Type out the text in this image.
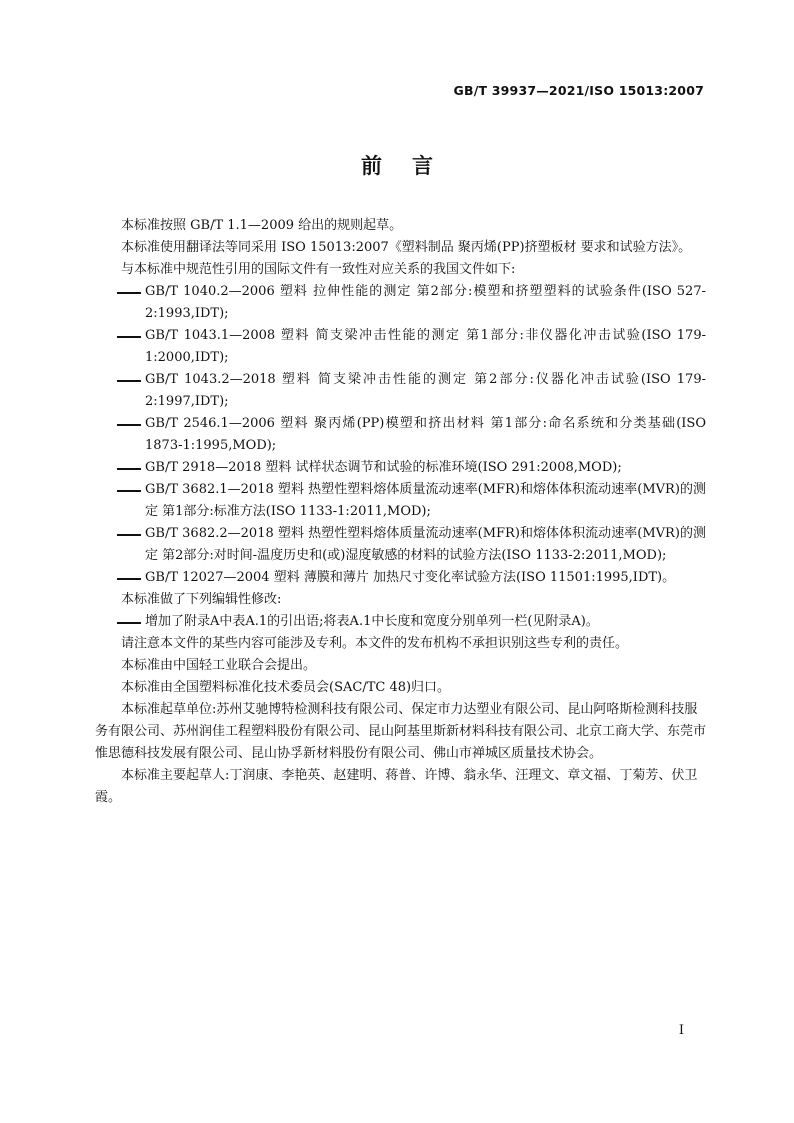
GB/T 39937—2021/ISO 15013:2007
前言

本标准按照 GB/T 1.1—2009 给出的规则起草。

本标准使用翻译法等同采用 ISO 15013:2007《塑料制品 聚丙烯(PP)挤塑板材 要求和试验方法》。

与本标准中规范性引用的国际文件有一致性对应关系的我国文件如下:

GB/T 1040.2—2006 塑料 拉伸性能的测定 第2部分:模塑和挤塑塑料的试验条件(ISO 527-2:1993,IDT);
GB/T 1043.1—2008 塑料 简支梁冲击性能的测定 第1部分:非仪器化冲击试验(ISO 179-1:2000,IDT);
GB/T 1043.2—2018 塑料 简支梁冲击性能的测定 第2部分:仪器化冲击试验(ISO 179-2:1997,IDT);
GB/T 2546.1—2006 塑料 聚丙烯(PP)模塑和挤出材料 第1部分:命名系统和分类基础(ISO 1873-1:1995,MOD);
GB/T 2918—2018 塑料 试样状态调节和试验的标准环境(ISO 291:2008,MOD);
GB/T 3682.1—2018 塑料 热塑性塑料熔体质量流动速率(MFR)和熔体体积流动速率(MVR)的测定 第1部分:标准方法(ISO 1133-1:2011,MOD);
GB/T 3682.2—2018 塑料 热塑性塑料熔体质量流动速率(MFR)和熔体体积流动速率(MVR)的测定 第2部分:对时间-温度历史和(或)湿度敏感的材料的试验方法(ISO 1133-2:2011,MOD);
GB/T 12027—2004 塑料 薄膜和薄片 加热尺寸变化率试验方法(ISO 11501:1995,IDT)。

本标准做了下列编辑性修改:

增加了附录A中表A.1的引出语;将表A.1中长度和宽度分别单列一栏(见附录A)。

请注意本文件的某些内容可能涉及专利。本文件的发布机构不承担识别这些专利的责任。

本标准由中国轻工业联合会提出。

本标准由全国塑料标准化技术委员会(SAC/TC 48)归口。

本标准起草单位:苏州艾驰博特检测科技有限公司、保定市力达塑业有限公司、昆山阿咯斯检测科技服务有限公司、苏州润佳工程塑料股份有限公司、昆山阿基里斯新材料科技有限公司、北京工商大学、东莞市惟思德科技发展有限公司、昆山协孚新材料股份有限公司、佛山市禅城区质量技术协会。

本标准主要起草人:丁润康、李艳英、赵建明、蒋普、许博、翁永华、汪理文、章文福、丁菊芳、伏卫霞。

I
